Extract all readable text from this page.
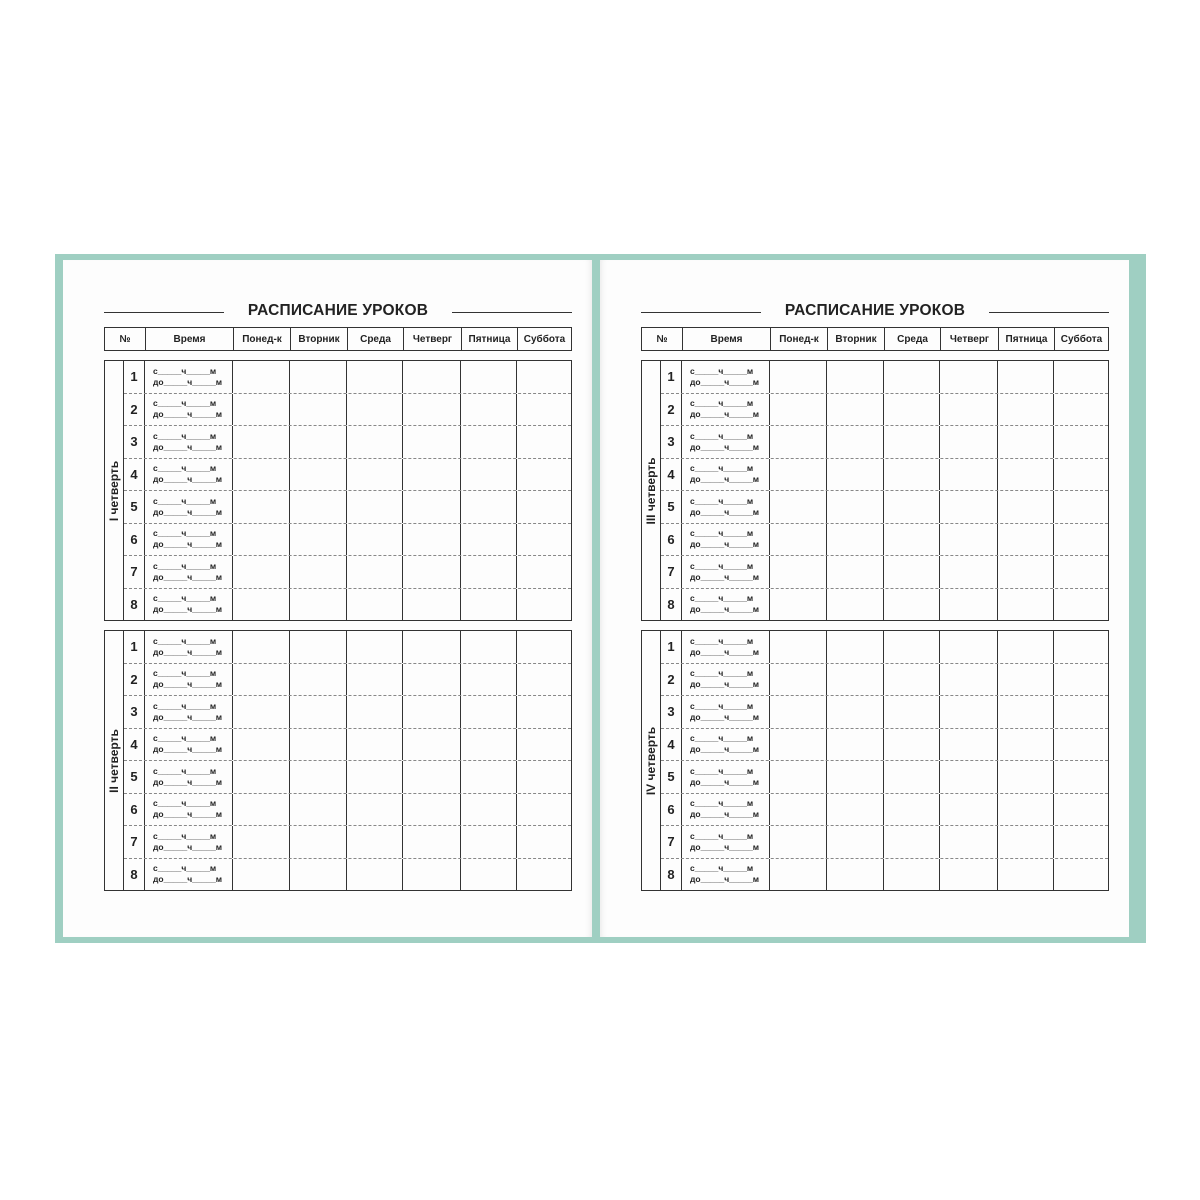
РАСПИСАНИЕ УРОКОВ
№	Время	Понед-к	Вторник	Среда	Четверг	Пятница	Суббота
I четверть
1	с_____ч_____м
до_____ч_____м
2	с_____ч_____м
до_____ч_____м
3	с_____ч_____м
до_____ч_____м
4	с_____ч_____м
до_____ч_____м
5	с_____ч_____м
до_____ч_____м
6	с_____ч_____м
до_____ч_____м
7	с_____ч_____м
до_____ч_____м
8	с_____ч_____м
до_____ч_____м
II четверть
1	с_____ч_____м
до_____ч_____м
2	с_____ч_____м
до_____ч_____м
3	с_____ч_____м
до_____ч_____м
4	с_____ч_____м
до_____ч_____м
5	с_____ч_____м
до_____ч_____м
6	с_____ч_____м
до_____ч_____м
7	с_____ч_____м
до_____ч_____м
8	с_____ч_____м
до_____ч_____м
РАСПИСАНИЕ УРОКОВ
№	Время	Понед-к	Вторник	Среда	Четверг	Пятница	Суббота
III четверть
1	с_____ч_____м
до_____ч_____м
2	с_____ч_____м
до_____ч_____м
3	с_____ч_____м
до_____ч_____м
4	с_____ч_____м
до_____ч_____м
5	с_____ч_____м
до_____ч_____м
6	с_____ч_____м
до_____ч_____м
7	с_____ч_____м
до_____ч_____м
8	с_____ч_____м
до_____ч_____м
IV четверть
1	с_____ч_____м
до_____ч_____м
2	с_____ч_____м
до_____ч_____м
3	с_____ч_____м
до_____ч_____м
4	с_____ч_____м
до_____ч_____м
5	с_____ч_____м
до_____ч_____м
6	с_____ч_____м
до_____ч_____м
7	с_____ч_____м
до_____ч_____м
8	с_____ч_____м
до_____ч_____м
